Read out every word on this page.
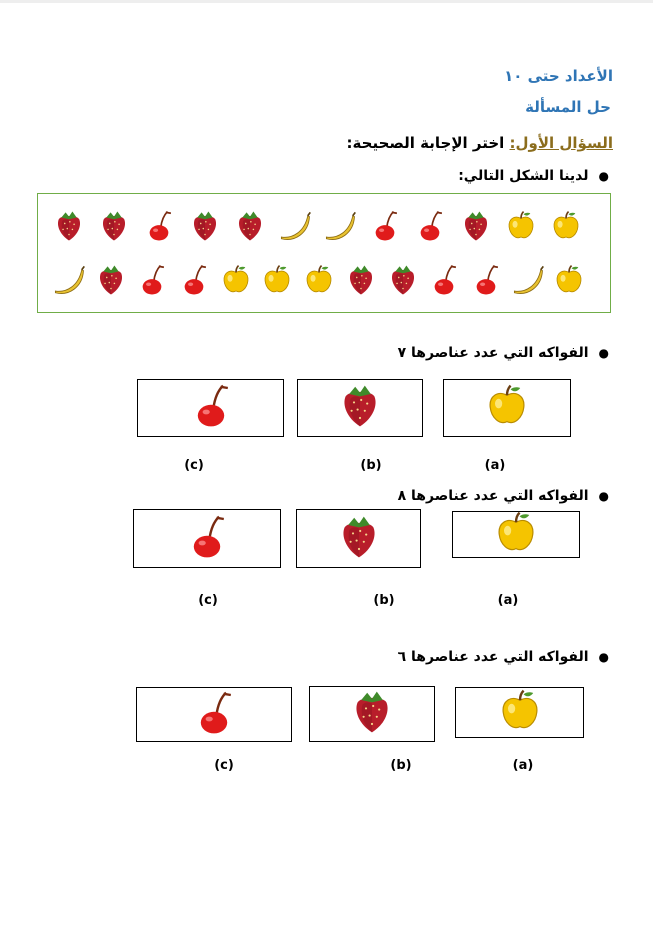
الأعداد حتى ١٠
حل المسألة
السؤال الأول: اختر الإجابة الصحيحة:
●لدينا الشكل التالي:
●الفواكه التي عدد عناصرها ٧
(c)	(b)	(a)
●الفواكه التي عدد عناصرها ٨
(c)	(b)	(a)
●الفواكه التي عدد عناصرها ٦
(c)	(b)	(a)
